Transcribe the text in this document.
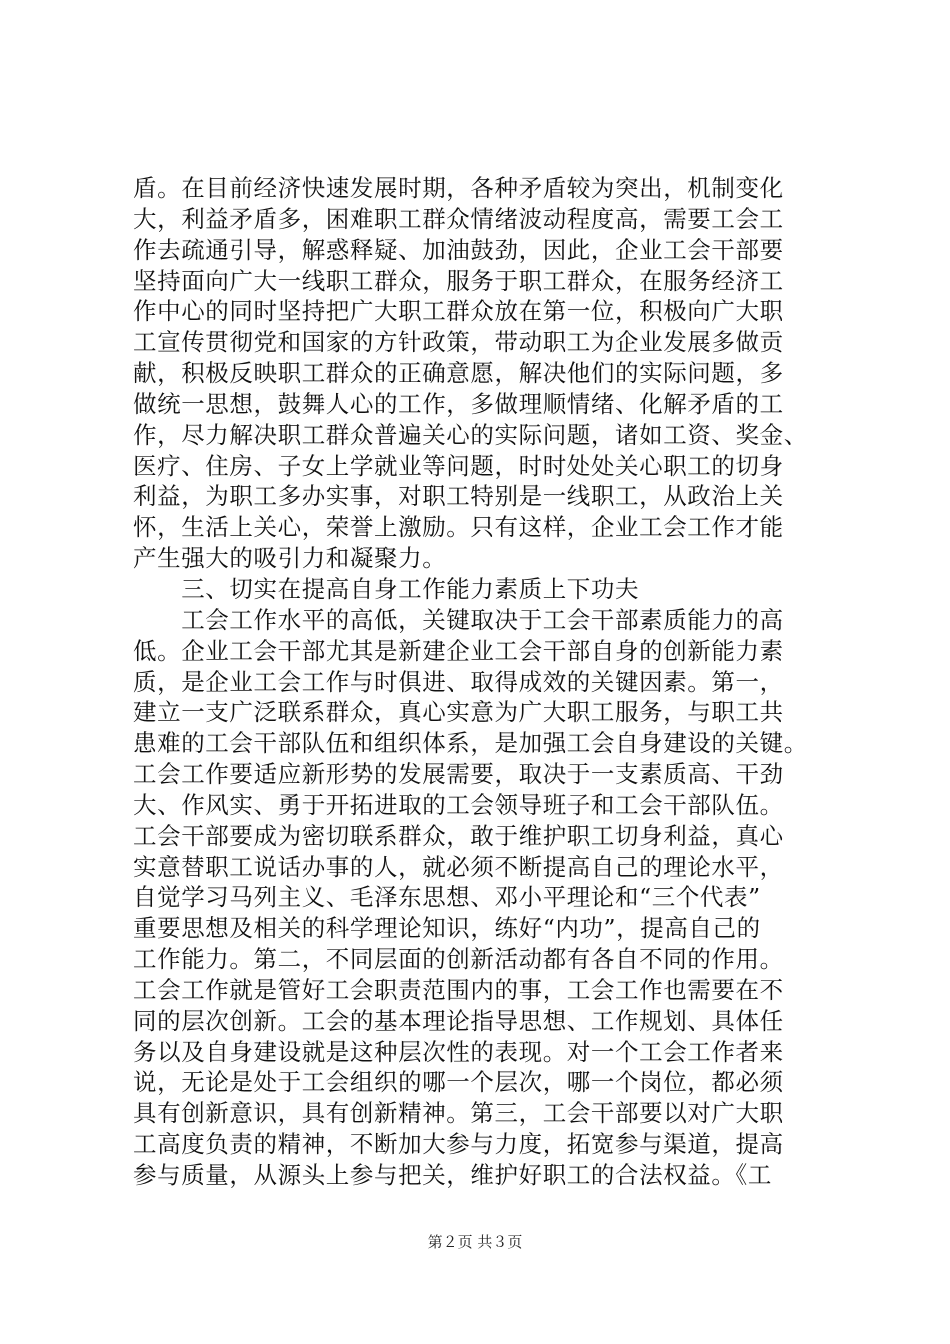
盾。在目前经济快速发展时期，各种矛盾较为突出，机制变化
大，利益矛盾多，困难职工群众情绪波动程度高，需要工会工
作去疏通引导，解惑释疑、加油鼓劲，因此，企业工会干部要
坚持面向广大一线职工群众，服务于职工群众，在服务经济工
作中心的同时坚持把广大职工群众放在第一位，积极向广大职
工宣传贯彻党和国家的方针政策，带动职工为企业发展多做贡
献，积极反映职工群众的正确意愿，解决他们的实际问题，多
做统一思想，鼓舞人心的工作，多做理顺情绪、化解矛盾的工
作，尽力解决职工群众普遍关心的实际问题，诸如工资、奖金、
医疗、住房、子女上学就业等问题，时时处处关心职工的切身
利益，为职工多办实事，对职工特别是一线职工，从政治上关
怀，生活上关心，荣誉上激励。只有这样，企业工会工作才能
产生强大的吸引力和凝聚力。
　　三、切实在提高自身工作能力素质上下功夫
　　工会工作水平的高低，关键取决于工会干部素质能力的高
低。企业工会干部尤其是新建企业工会干部自身的创新能力素
质，是企业工会工作与时俱进、取得成效的关键因素。第一，
建立一支广泛联系群众，真心实意为广大职工服务，与职工共
患难的工会干部队伍和组织体系，是加强工会自身建设的关键。
工会工作要适应新形势的发展需要，取决于一支素质高、干劲
大、作风实、勇于开拓进取的工会领导班子和工会干部队伍。
工会干部要成为密切联系群众，敢于维护职工切身利益，真心
实意替职工说话办事的人，就必须不断提高自己的理论水平，
自觉学习马列主义、毛泽东思想、邓小平理论和“三个代表”
重要思想及相关的科学理论知识，练好“内功”，提高自己的
工作能力。第二，不同层面的创新活动都有各自不同的作用。
工会工作就是管好工会职责范围内的事，工会工作也需要在不
同的层次创新。工会的基本理论指导思想、工作规划、具体任
务以及自身建设就是这种层次性的表现。对一个工会工作者来
说，无论是处于工会组织的哪一个层次，哪一个岗位，都必须
具有创新意识，具有创新精神。第三，工会干部要以对广大职
工高度负责的精神，不断加大参与力度，拓宽参与渠道，提高
参与质量，从源头上参与把关，维护好职工的合法权益。《工
第２页 共３页
